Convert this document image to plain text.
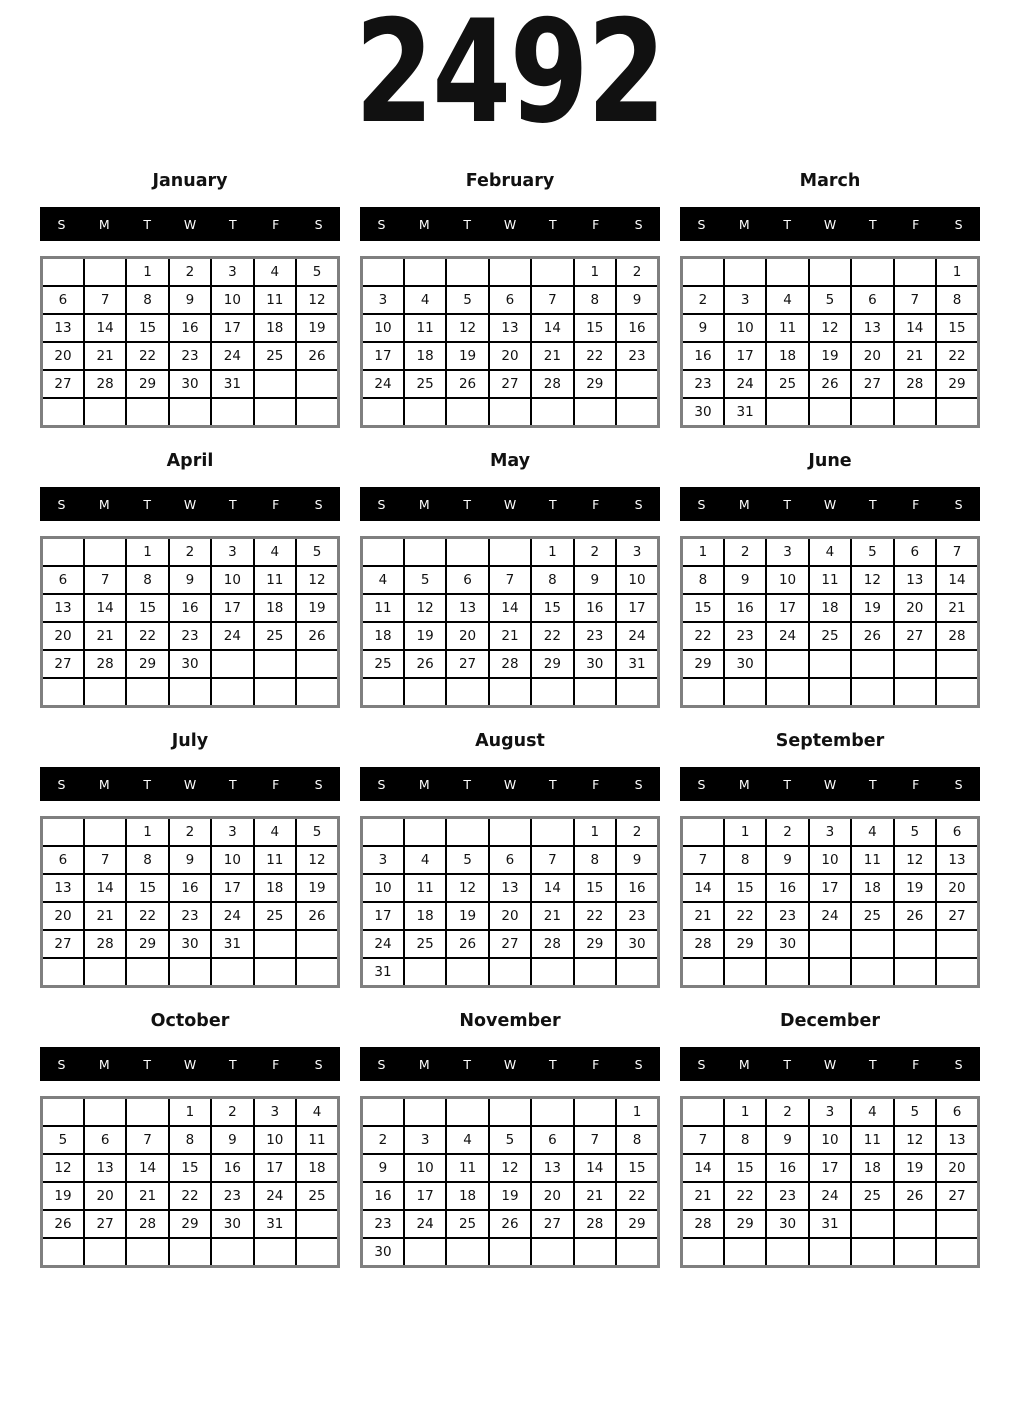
2492
January
S	M	T	W	T	F	S
		1	2	3	4	5
6	7	8	9	10	11	12
13	14	15	16	17	18	19
20	21	22	23	24	25	26
27	28	29	30	31		

February
S	M	T	W	T	F	S
					1	2
3	4	5	6	7	8	9
10	11	12	13	14	15	16
17	18	19	20	21	22	23
24	25	26	27	28	29	

March
S	M	T	W	T	F	S
						1
2	3	4	5	6	7	8
9	10	11	12	13	14	15
16	17	18	19	20	21	22
23	24	25	26	27	28	29
30	31					
April
S	M	T	W	T	F	S
		1	2	3	4	5
6	7	8	9	10	11	12
13	14	15	16	17	18	19
20	21	22	23	24	25	26
27	28	29	30			

May
S	M	T	W	T	F	S
				1	2	3
4	5	6	7	8	9	10
11	12	13	14	15	16	17
18	19	20	21	22	23	24
25	26	27	28	29	30	31

June
S	M	T	W	T	F	S
1	2	3	4	5	6	7
8	9	10	11	12	13	14
15	16	17	18	19	20	21
22	23	24	25	26	27	28
29	30					

July
S	M	T	W	T	F	S
		1	2	3	4	5
6	7	8	9	10	11	12
13	14	15	16	17	18	19
20	21	22	23	24	25	26
27	28	29	30	31		

August
S	M	T	W	T	F	S
					1	2
3	4	5	6	7	8	9
10	11	12	13	14	15	16
17	18	19	20	21	22	23
24	25	26	27	28	29	30
31						
September
S	M	T	W	T	F	S
	1	2	3	4	5	6
7	8	9	10	11	12	13
14	15	16	17	18	19	20
21	22	23	24	25	26	27
28	29	30				

October
S	M	T	W	T	F	S
			1	2	3	4
5	6	7	8	9	10	11
12	13	14	15	16	17	18
19	20	21	22	23	24	25
26	27	28	29	30	31	

November
S	M	T	W	T	F	S
						1
2	3	4	5	6	7	8
9	10	11	12	13	14	15
16	17	18	19	20	21	22
23	24	25	26	27	28	29
30						
December
S	M	T	W	T	F	S
	1	2	3	4	5	6
7	8	9	10	11	12	13
14	15	16	17	18	19	20
21	22	23	24	25	26	27
28	29	30	31			
